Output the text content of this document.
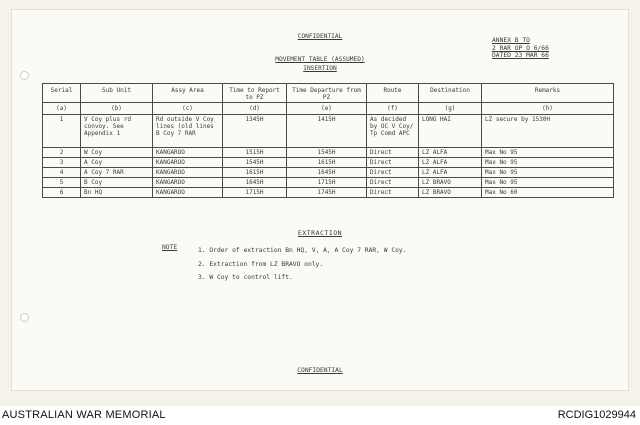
CONFIDENTIAL
ANNEX B TO
2 RAR OP O 6/66
DATED 23 MAR 66
MOVEMENT TABLE (ASSUMED)
INSERTION
Serial	Sub Unit	Assy Area	Time to Report to PZ	Time Departure from PZ	Route	Destination	Remarks
(a)	(b)	(c)	(d)	(e)	(f)	(g)	(h)
1	V Coy plus rd convoy. See Appendix 1	Rd outside V Coy lines (old lines B Coy 7 RAR	1345H	1415H	As decided by OC V Coy/ Tp Comd APC	LONG HAI	LZ secure by 1530H
2	W Coy	KANGAROO	1515H	1545H	Direct	LZ ALFA	Max No 95
3	A Coy	KANGAROO	1545H	1615H	Direct	LZ ALFA	Max No 95
4	A Coy 7 RAR	KANGAROO	1615H	1645H	Direct	LZ ALFA	Max No 95
5	B Coy	KANGAROO	1645H	1715H	Direct	LZ BRAVO	Max No 95
6	Bn HQ	KANGAROO	1715H	1745H	Direct	LZ BRAVO	Max No 60
EXTRACTION
NOTE	1. Order of extraction Bn HQ, V, A, A Coy 7 RAR, W Coy.
2. Extraction from LZ BRAVO only.
3. W Coy to control lift.
CONFIDENTIAL
AUSTRALIAN WAR MEMORIAL	RCDIG1029944
